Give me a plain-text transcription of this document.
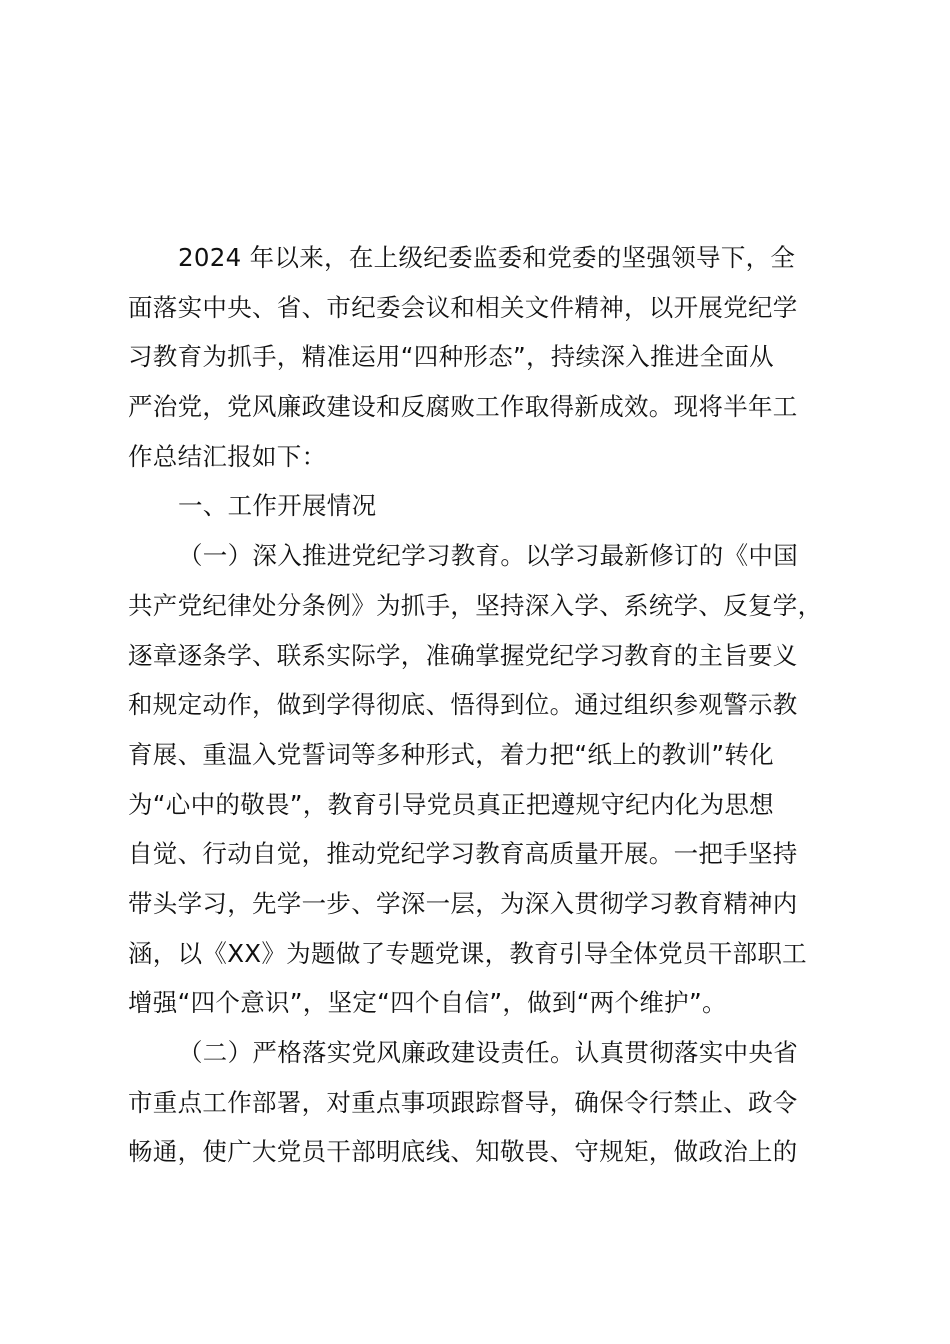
2024 年以来，在上级纪委监委和党委的坚强领导下，全
面落实中央、省、市纪委会议和相关文件精神，以开展党纪学
习教育为抓手，精准运用“四种形态”，持续深入推进全面从
严治党，党风廉政建设和反腐败工作取得新成效。现将半年工
作总结汇报如下：
一、工作开展情况
（一）深入推进党纪学习教育。以学习最新修订的《中国
共产党纪律处分条例》为抓手，坚持深入学、系统学、反复学，
逐章逐条学、联系实际学，准确掌握党纪学习教育的主旨要义
和规定动作，做到学得彻底、悟得到位。通过组织参观警示教
育展、重温入党誓词等多种形式，着力把“纸上的教训”转化
为“心中的敬畏”，教育引导党员真正把遵规守纪内化为思想
自觉、行动自觉，推动党纪学习教育高质量开展。一把手坚持
带头学习，先学一步、学深一层，为深入贯彻学习教育精神内
涵，以《XX》为题做了专题党课，教育引导全体党员干部职工
增强“四个意识”，坚定“四个自信”，做到“两个维护”。
（二）严格落实党风廉政建设责任。认真贯彻落实中央省
市重点工作部署，对重点事项跟踪督导，确保令行禁止、政令
畅通，使广大党员干部明底线、知敬畏、守规矩，做政治上的
